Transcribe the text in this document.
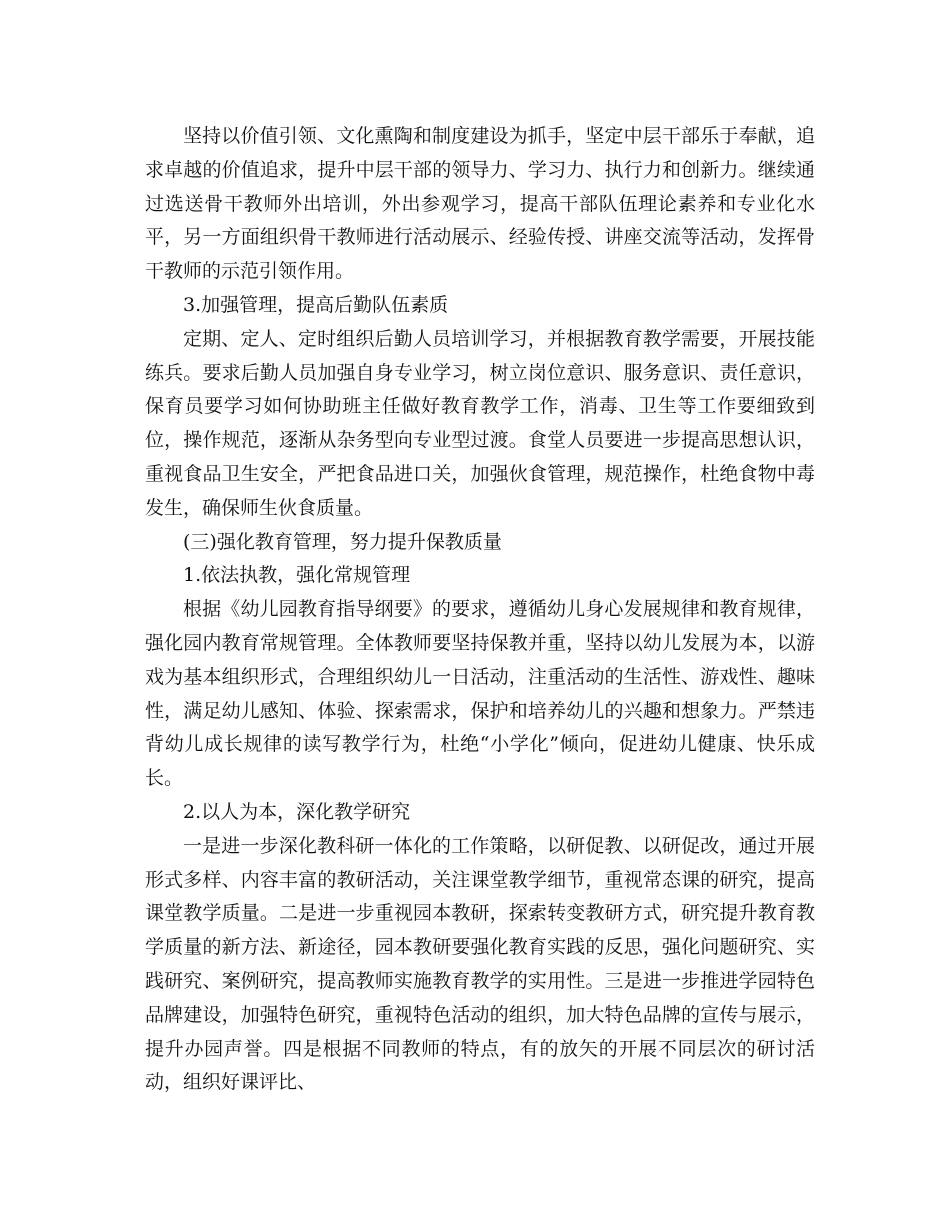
坚持以价值引领、文化熏陶和制度建设为抓手，坚定中层干部乐于奉献，追求卓越的价值追求，提升中层干部的领导力、学习力、执行力和创新力。继续通过选送骨干教师外出培训，外出参观学习，提高干部队伍理论素养和专业化水平，另一方面组织骨干教师进行活动展示、经验传授、讲座交流等活动，发挥骨干教师的示范引领作用。

3.加强管理，提高后勤队伍素质

定期、定人、定时组织后勤人员培训学习，并根据教育教学需要，开展技能练兵。要求后勤人员加强自身专业学习，树立岗位意识、服务意识、责任意识，保育员要学习如何协助班主任做好教育教学工作，消毒、卫生等工作要细致到位，操作规范，逐渐从杂务型向专业型过渡。食堂人员要进一步提高思想认识，重视食品卫生安全，严把食品进口关，加强伙食管理，规范操作，杜绝食物中毒发生，确保师生伙食质量。

(三)强化教育管理，努力提升保教质量

1.依法执教，强化常规管理

根据《幼儿园教育指导纲要》的要求，遵循幼儿身心发展规律和教育规律，强化园内教育常规管理。全体教师要坚持保教并重，坚持以幼儿发展为本，以游戏为基本组织形式，合理组织幼儿一日活动，注重活动的生活性、游戏性、趣味性，满足幼儿感知、体验、探索需求，保护和培养幼儿的兴趣和想象力。严禁违背幼儿成长规律的读写教学行为，杜绝“小学化”倾向，促进幼儿健康、快乐成长。

2.以人为本，深化教学研究

一是进一步深化教科研一体化的工作策略，以研促教、以研促改，通过开展形式多样、内容丰富的教研活动，关注课堂教学细节，重视常态课的研究，提高课堂教学质量。二是进一步重视园本教研，探索转变教研方式，研究提升教育教学质量的新方法、新途径，园本教研要强化教育实践的反思，强化问题研究、实践研究、案例研究，提高教师实施教育教学的实用性。三是进一步推进学园特色品牌建设，加强特色研究，重视特色活动的组织，加大特色品牌的宣传与展示，提升办园声誉。四是根据不同教师的特点，有的放矢的开展不同层次的研讨活动，组织好课评比、
